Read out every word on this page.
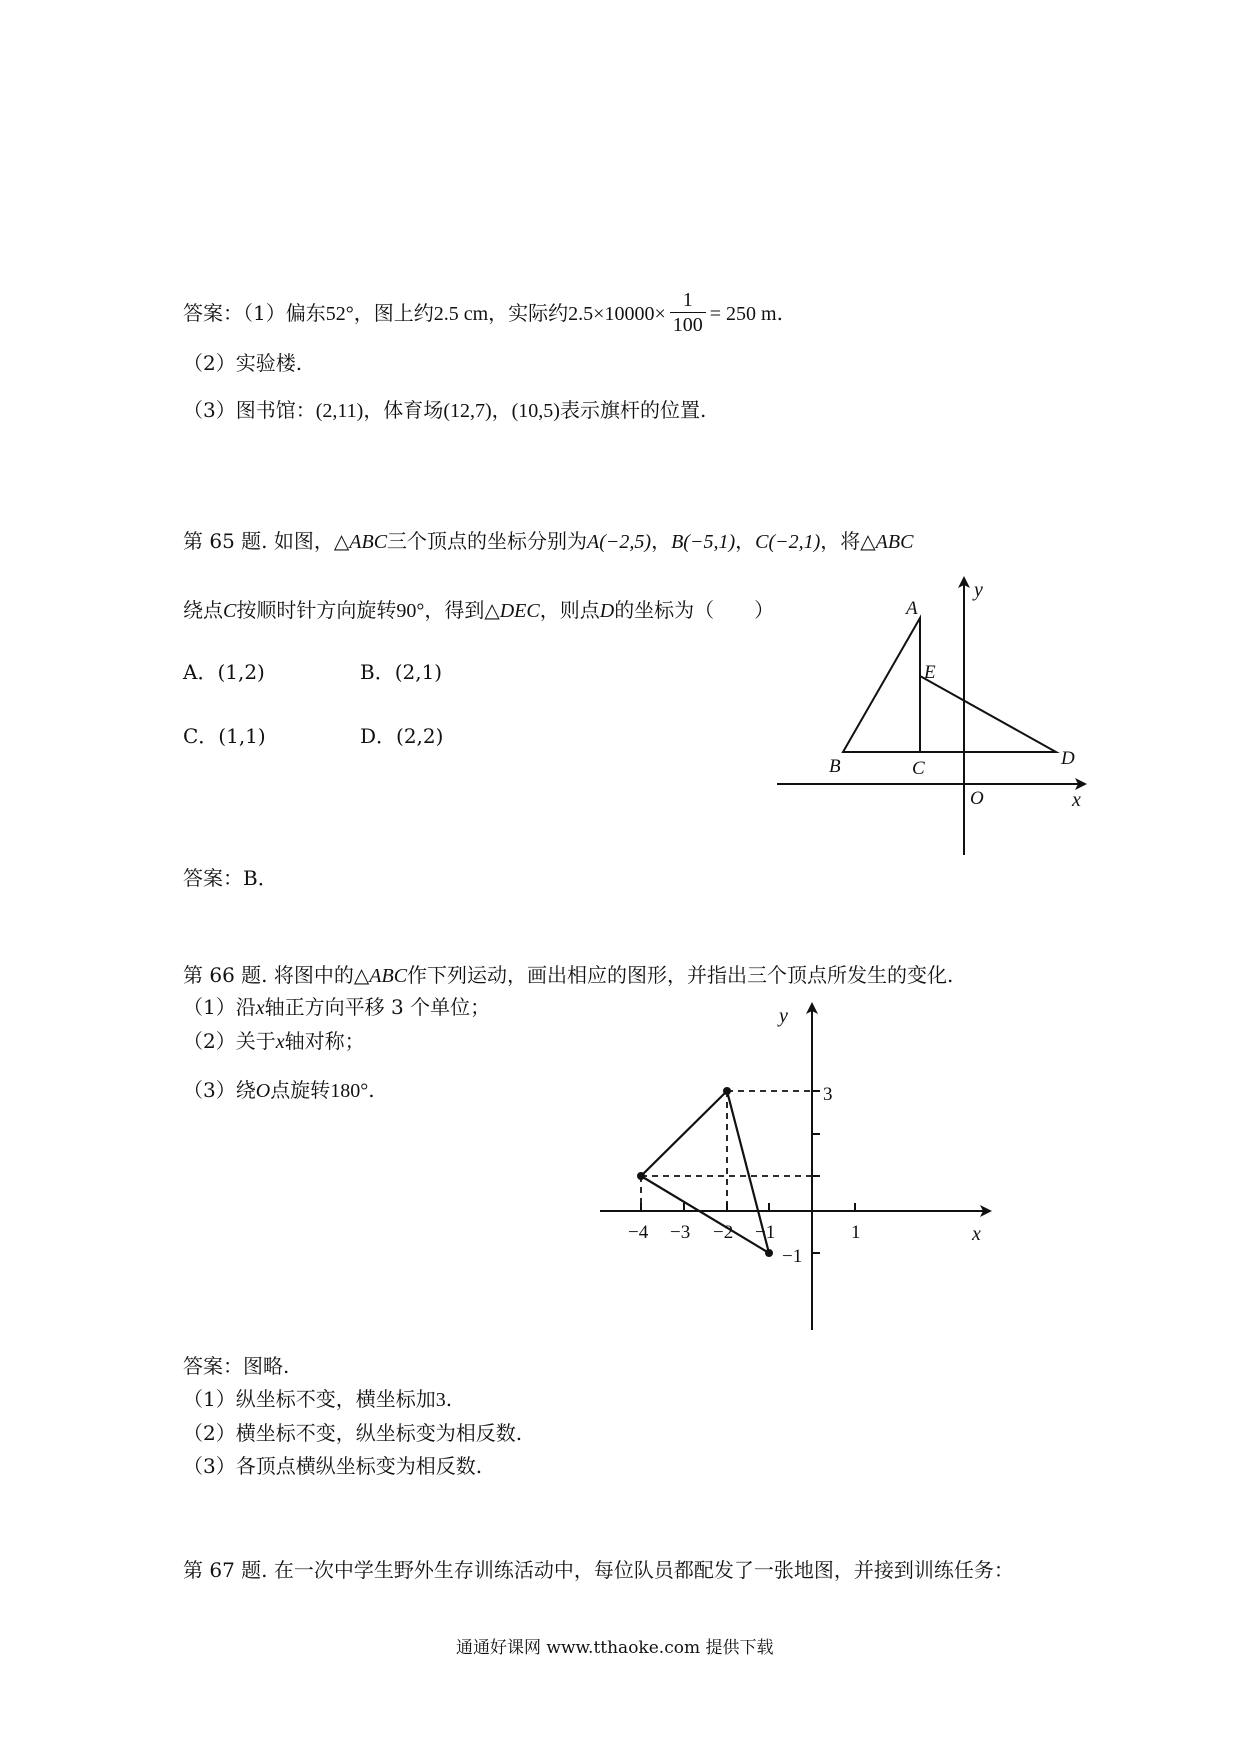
答案：（1）偏东52°，图上约2.5 cm，实际约$2.5\times 10000\times \frac{1}{100} = 250$ m.
（2）实验楼.
（3）图书馆：(2,11)，体育场(12,7)，(10,5)表示旗杆的位置.
第 65 题. 如图，△ABC三个顶点的坐标分别为A(−2,5)，B(−5,1)，C(−2,1)，将△ABC
绕点C按顺时针方向旋转90°，得到△DEC，则点D的坐标为（　　）
A．(1,2)	B．(2,1)
C．(1,1)	D．(2,2)
A
E
B	C	D
O	x
y
答案：B．
第 66 题. 将图中的△ABC作下列运动，画出相应的图形，并指出三个顶点所发生的变化.
（1）沿x轴正方向平移 3 个单位；
（2）关于x轴对称；
（3）绕O点旋转180°.
y
x
3
−1
−4 −3 −2 −1	1
答案：图略.
（1）纵坐标不变，横坐标加3.
（2）横坐标不变，纵坐标变为相反数.
（3）各顶点横纵坐标变为相反数.
第 67 题. 在一次中学生野外生存训练活动中，每位队员都配发了一张地图，并接到训练任务：
通通好课网 www.tthaoke.com 提供下载
